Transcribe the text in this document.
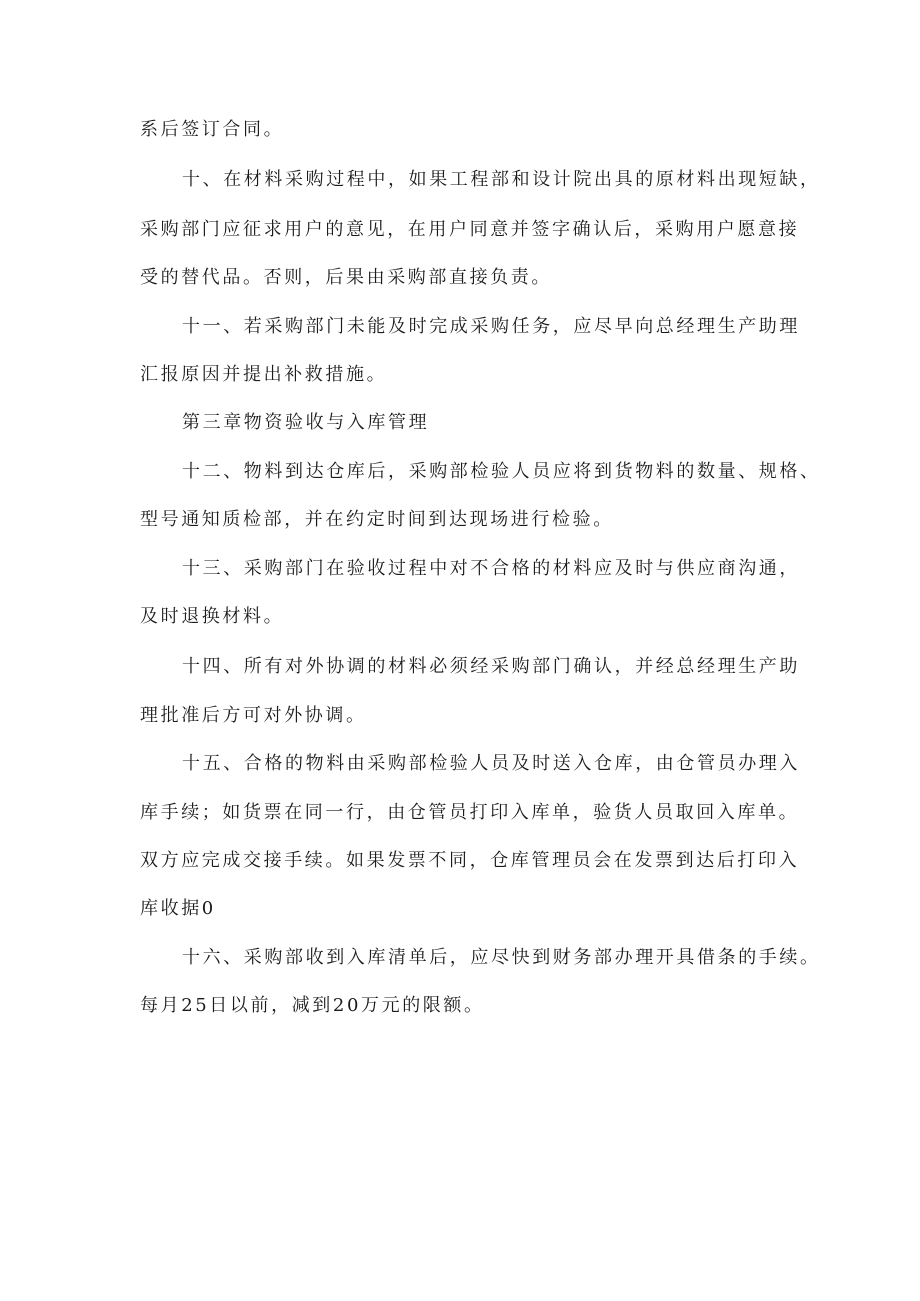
系后签订合同。
十、在材料采购过程中，如果工程部和设计院出具的原材料出现短缺，
采购部门应征求用户的意见，在用户同意并签字确认后，采购用户愿意接
受的替代品。否则，后果由采购部直接负责。
十一、若采购部门未能及时完成采购任务，应尽早向总经理生产助理
汇报原因并提出补救措施。
第三章物资验收与入库管理
十二、物料到达仓库后，采购部检验人员应将到货物料的数量、规格、
型号通知质检部，并在约定时间到达现场进行检验。
十三、采购部门在验收过程中对不合格的材料应及时与供应商沟通，
及时退换材料。
十四、所有对外协调的材料必须经采购部门确认，并经总经理生产助
理批准后方可对外协调。
十五、合格的物料由采购部检验人员及时送入仓库，由仓管员办理入
库手续；如货票在同一行，由仓管员打印入库单，验货人员取回入库单。
双方应完成交接手续。如果发票不同，仓库管理员会在发票到达后打印入
库收据0
十六、采购部收到入库清单后，应尽快到财务部办理开具借条的手续。
每月25日以前，减到20万元的限额。
